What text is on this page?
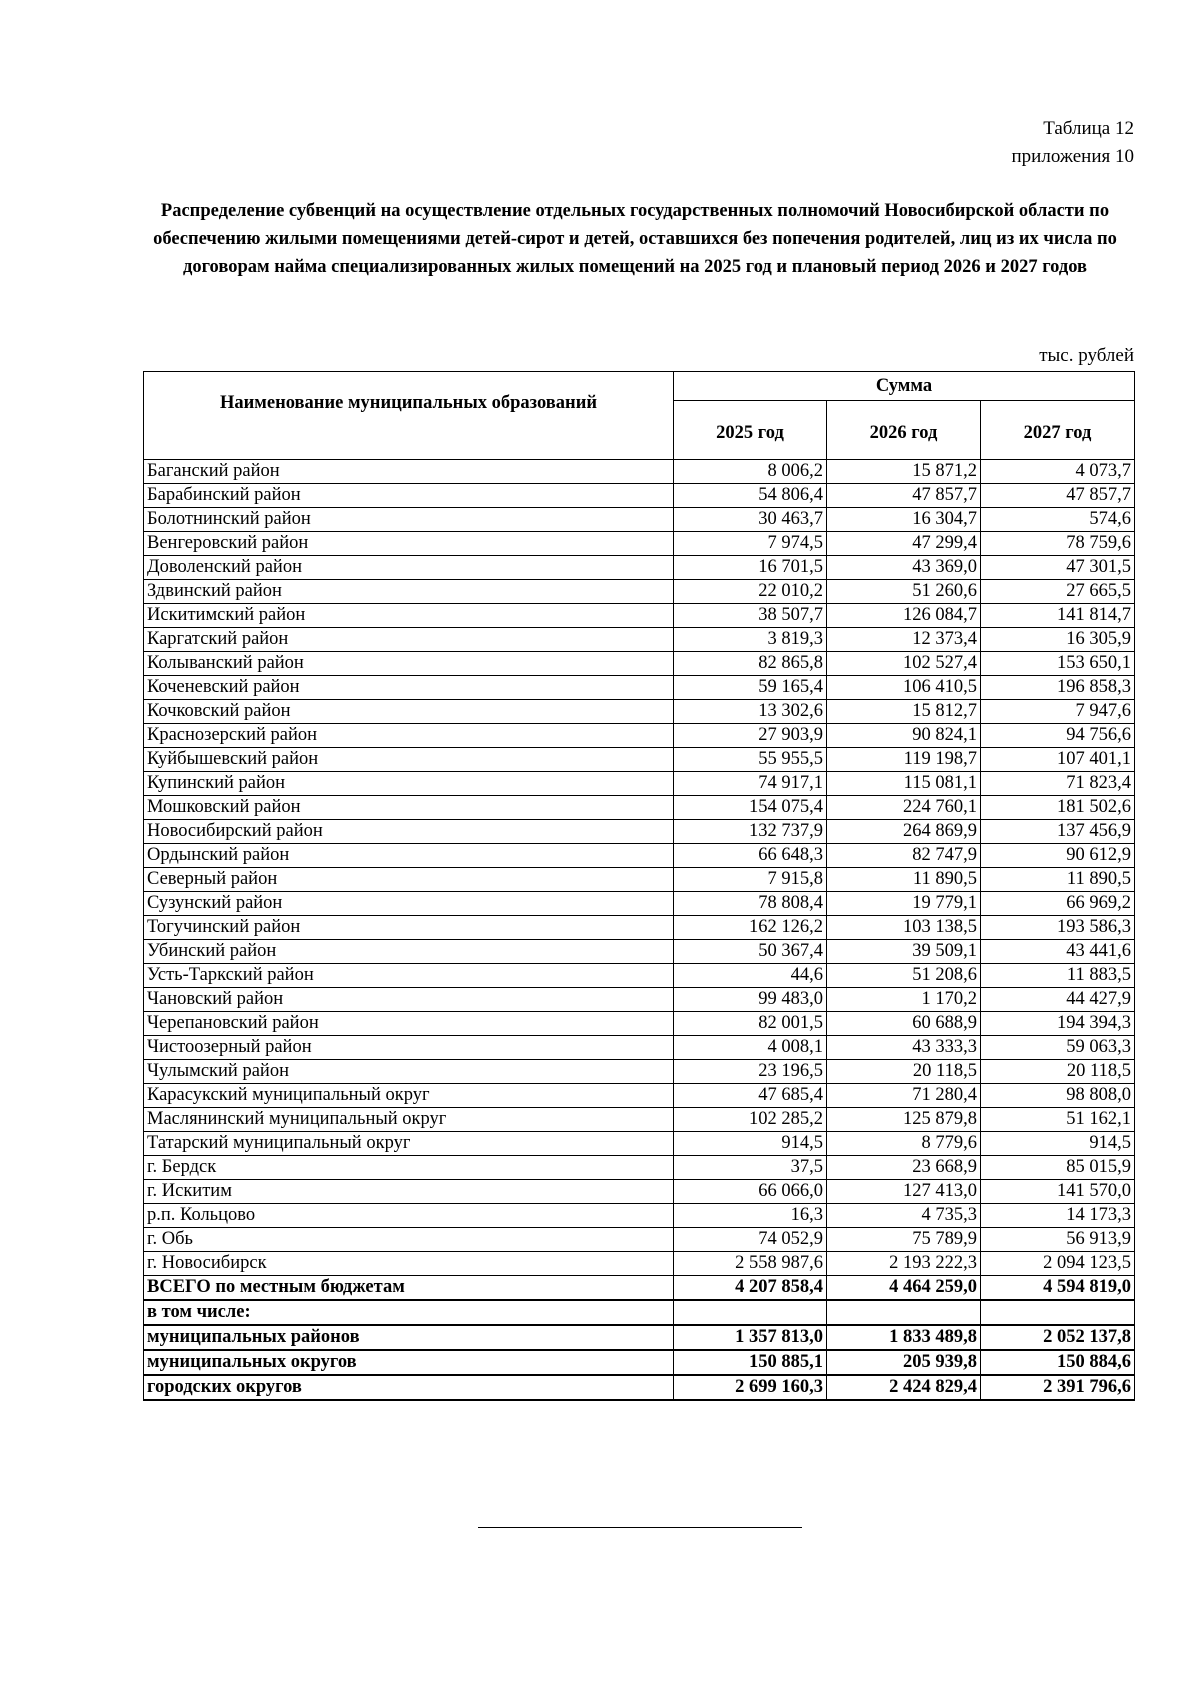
Таблица 12
приложения 10
Распределение субвенций на осуществление отдельных государственных полномочий Новосибирской области по обеспечению жилыми помещениями детей-сирот и детей, оставшихся без попечения родителей, лиц из их числа по договорам найма специализированных жилых помещений на 2025 год и плановый период 2026 и 2027 годов
тыс. рублей
Наименование муниципальных образований	Сумма		
	2025 год	2026 год	2027 год
Баганский район	8 006,2	15 871,2	4 073,7
Барабинский район	54 806,4	47 857,7	47 857,7
Болотнинский район	30 463,7	16 304,7	574,6
Венгеровский район	7 974,5	47 299,4	78 759,6
Доволенский район	16 701,5	43 369,0	47 301,5
Здвинский район	22 010,2	51 260,6	27 665,5
Искитимский район	38 507,7	126 084,7	141 814,7
Каргатский район	3 819,3	12 373,4	16 305,9
Колыванский район	82 865,8	102 527,4	153 650,1
Коченевский район	59 165,4	106 410,5	196 858,3
Кочковский район	13 302,6	15 812,7	7 947,6
Краснозерский район	27 903,9	90 824,1	94 756,6
Куйбышевский район	55 955,5	119 198,7	107 401,1
Купинский район	74 917,1	115 081,1	71 823,4
Мошковский район	154 075,4	224 760,1	181 502,6
Новосибирский район	132 737,9	264 869,9	137 456,9
Ордынский район	66 648,3	82 747,9	90 612,9
Северный район	7 915,8	11 890,5	11 890,5
Сузунский район	78 808,4	19 779,1	66 969,2
Тогучинский район	162 126,2	103 138,5	193 586,3
Убинский район	50 367,4	39 509,1	43 441,6
Усть-Таркский район	44,6	51 208,6	11 883,5
Чановский район	99 483,0	1 170,2	44 427,9
Черепановский район	82 001,5	60 688,9	194 394,3
Чистоозерный район	4 008,1	43 333,3	59 063,3
Чулымский район	23 196,5	20 118,5	20 118,5
Карасукский муниципальный округ	47 685,4	71 280,4	98 808,0
Маслянинский муниципальный округ	102 285,2	125 879,8	51 162,1
Татарский муниципальный округ	914,5	8 779,6	914,5
г. Бердск	37,5	23 668,9	85 015,9
г. Искитим	66 066,0	127 413,0	141 570,0
р.п. Кольцово	16,3	4 735,3	14 173,3
г. Обь	74 052,9	75 789,9	56 913,9
г. Новосибирск	2 558 987,6	2 193 222,3	2 094 123,5
ВСЕГО по местным бюджетам	4 207 858,4	4 464 259,0	4 594 819,0
в том числе:			
муниципальных районов	1 357 813,0	1 833 489,8	2 052 137,8
муниципальных округов	150 885,1	205 939,8	150 884,6
городских округов	2 699 160,3	2 424 829,4	2 391 796,6
